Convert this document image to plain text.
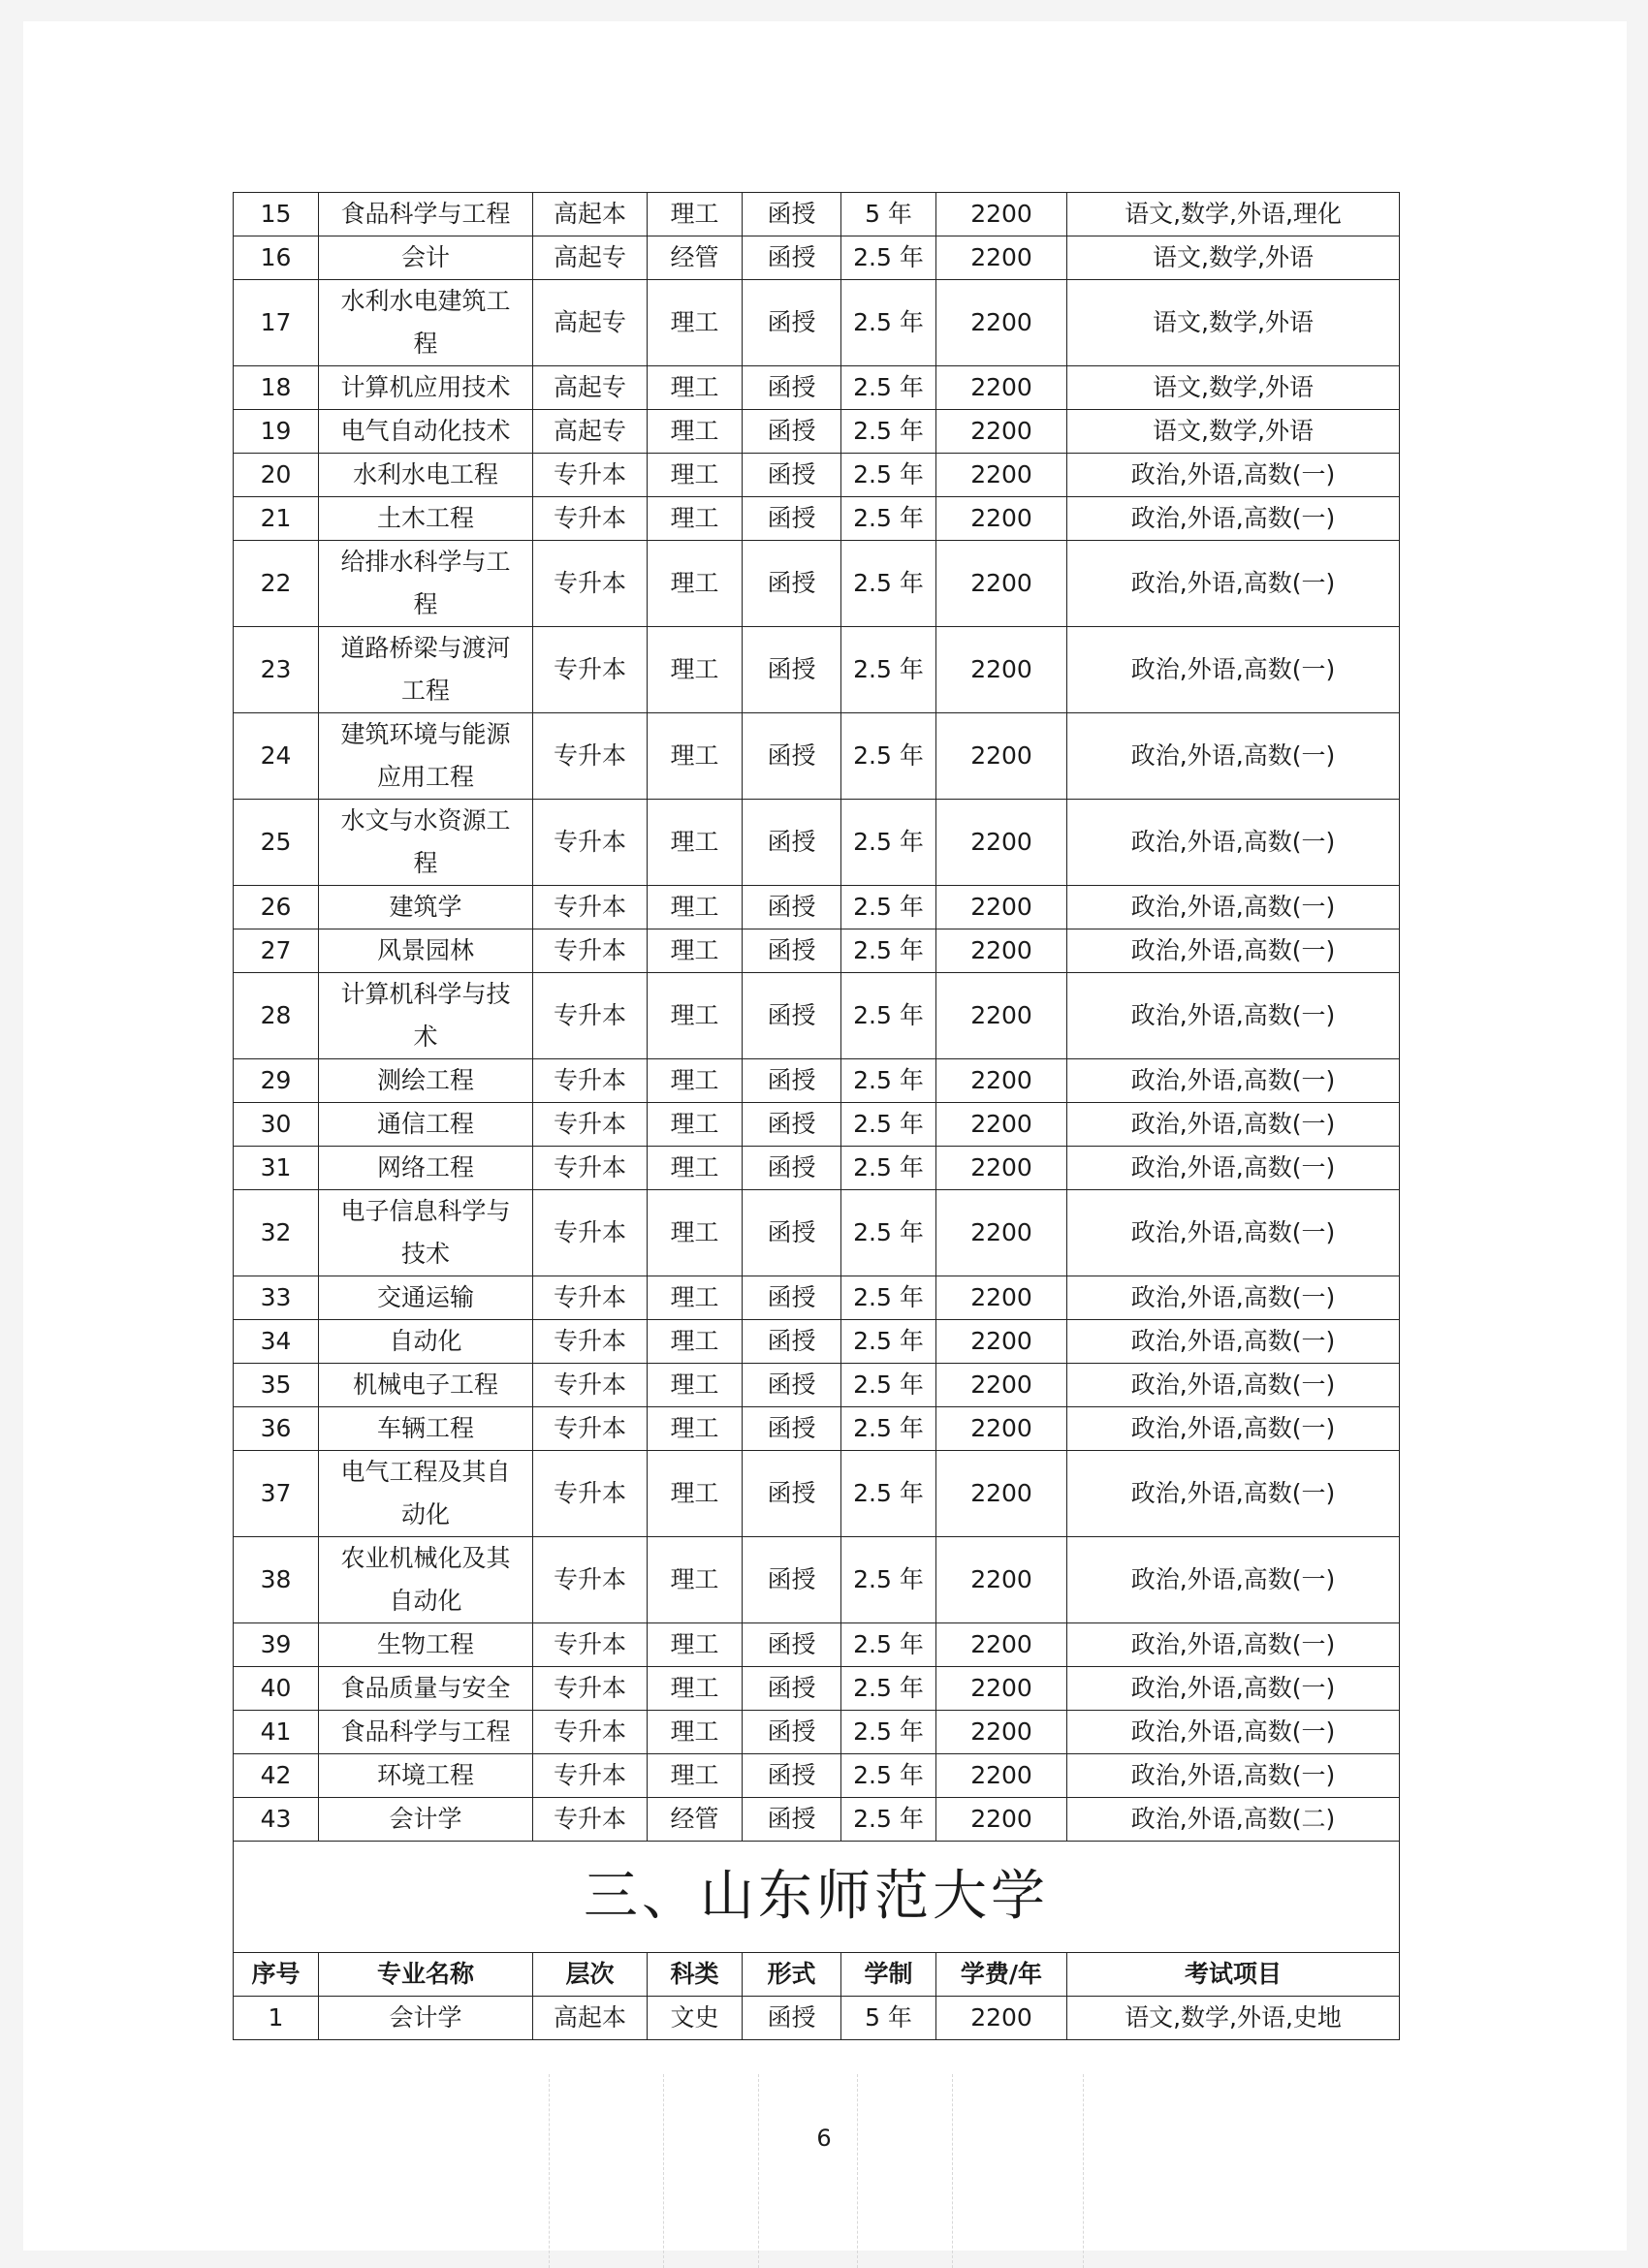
15	食品科学与工程	高起本	理工	函授	5 年	2200	语文,数学,外语,理化
16	会计	高起专	经管	函授	2.5 年	2200	语文,数学,外语
17	水利水电建筑工程	高起专	理工	函授	2.5 年	2200	语文,数学,外语
18	计算机应用技术	高起专	理工	函授	2.5 年	2200	语文,数学,外语
19	电气自动化技术	高起专	理工	函授	2.5 年	2200	语文,数学,外语
20	水利水电工程	专升本	理工	函授	2.5 年	2200	政治,外语,高数(一)
21	土木工程	专升本	理工	函授	2.5 年	2200	政治,外语,高数(一)
22	给排水科学与工程	专升本	理工	函授	2.5 年	2200	政治,外语,高数(一)
23	道路桥梁与渡河工程	专升本	理工	函授	2.5 年	2200	政治,外语,高数(一)
24	建筑环境与能源应用工程	专升本	理工	函授	2.5 年	2200	政治,外语,高数(一)
25	水文与水资源工程	专升本	理工	函授	2.5 年	2200	政治,外语,高数(一)
26	建筑学	专升本	理工	函授	2.5 年	2200	政治,外语,高数(一)
27	风景园林	专升本	理工	函授	2.5 年	2200	政治,外语,高数(一)
28	计算机科学与技术	专升本	理工	函授	2.5 年	2200	政治,外语,高数(一)
29	测绘工程	专升本	理工	函授	2.5 年	2200	政治,外语,高数(一)
30	通信工程	专升本	理工	函授	2.5 年	2200	政治,外语,高数(一)
31	网络工程	专升本	理工	函授	2.5 年	2200	政治,外语,高数(一)
32	电子信息科学与技术	专升本	理工	函授	2.5 年	2200	政治,外语,高数(一)
33	交通运输	专升本	理工	函授	2.5 年	2200	政治,外语,高数(一)
34	自动化	专升本	理工	函授	2.5 年	2200	政治,外语,高数(一)
35	机械电子工程	专升本	理工	函授	2.5 年	2200	政治,外语,高数(一)
36	车辆工程	专升本	理工	函授	2.5 年	2200	政治,外语,高数(一)
37	电气工程及其自动化	专升本	理工	函授	2.5 年	2200	政治,外语,高数(一)
38	农业机械化及其自动化	专升本	理工	函授	2.5 年	2200	政治,外语,高数(一)
39	生物工程	专升本	理工	函授	2.5 年	2200	政治,外语,高数(一)
40	食品质量与安全	专升本	理工	函授	2.5 年	2200	政治,外语,高数(一)
41	食品科学与工程	专升本	理工	函授	2.5 年	2200	政治,外语,高数(一)
42	环境工程	专升本	理工	函授	2.5 年	2200	政治,外语,高数(一)
43	会计学	专升本	经管	函授	2.5 年	2200	政治,外语,高数(二)
三、山东师范大学							
序号	专业名称	层次	科类	形式	学制	学费/年	考试项目
1	会计学	高起本	文史	函授	5 年	2200	语文,数学,外语,史地
6
